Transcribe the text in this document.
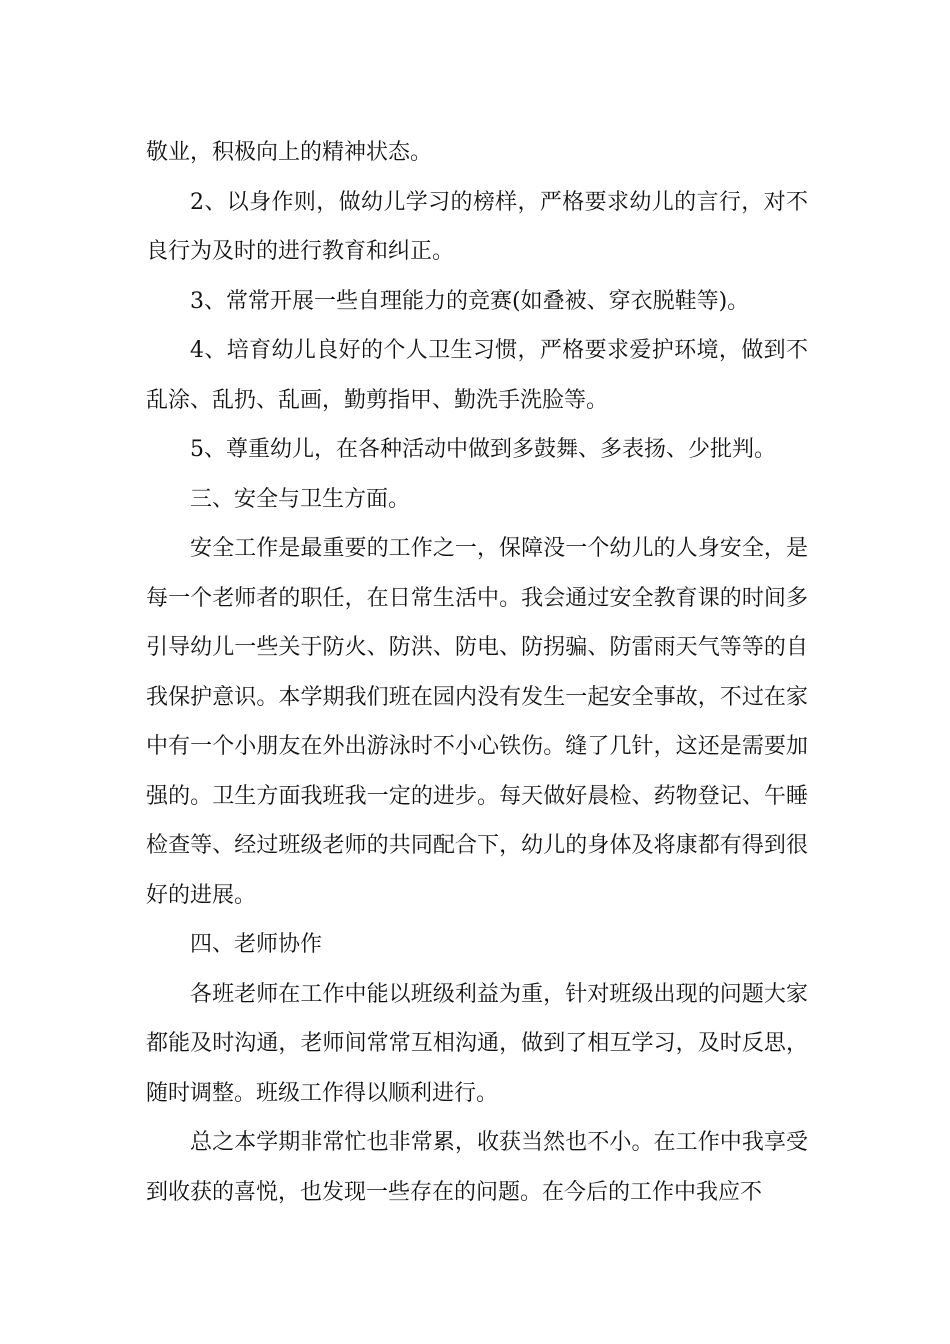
敬业，积极向上的精神状态。

2、以身作则，做幼儿学习的榜样，严格要求幼儿的言行，对不良行为及时的进行教育和纠正。

3、常常开展一些自理能力的竞赛(如叠被、穿衣脱鞋等)。

4、培育幼儿良好的个人卫生习惯，严格要求爱护环境，做到不乱涂、乱扔、乱画，勤剪指甲、勤洗手洗脸等。

5、尊重幼儿，在各种活动中做到多鼓舞、多表扬、少批判。

三、安全与卫生方面。

安全工作是最重要的工作之一，保障没一个幼儿的人身安全，是每一个老师者的职任，在日常生活中。我会通过安全教育课的时间多引导幼儿一些关于防火、防洪、防电、防拐骗、防雷雨天气等等的自我保护意识。本学期我们班在园内没有发生一起安全事故，不过在家中有一个小朋友在外出游泳时不小心铁伤。缝了几针，这还是需要加强的。卫生方面我班我一定的进步。每天做好晨检、药物登记、午睡检查等、经过班级老师的共同配合下，幼儿的身体及将康都有得到很好的进展。

四、老师协作

各班老师在工作中能以班级利益为重，针对班级出现的问题大家都能及时沟通，老师间常常互相沟通，做到了相互学习，及时反思，随时调整。班级工作得以顺利进行。

总之本学期非常忙也非常累，收获当然也不小。在工作中我享受到收获的喜悦，也发现一些存在的问题。在今后的工作中我应不
